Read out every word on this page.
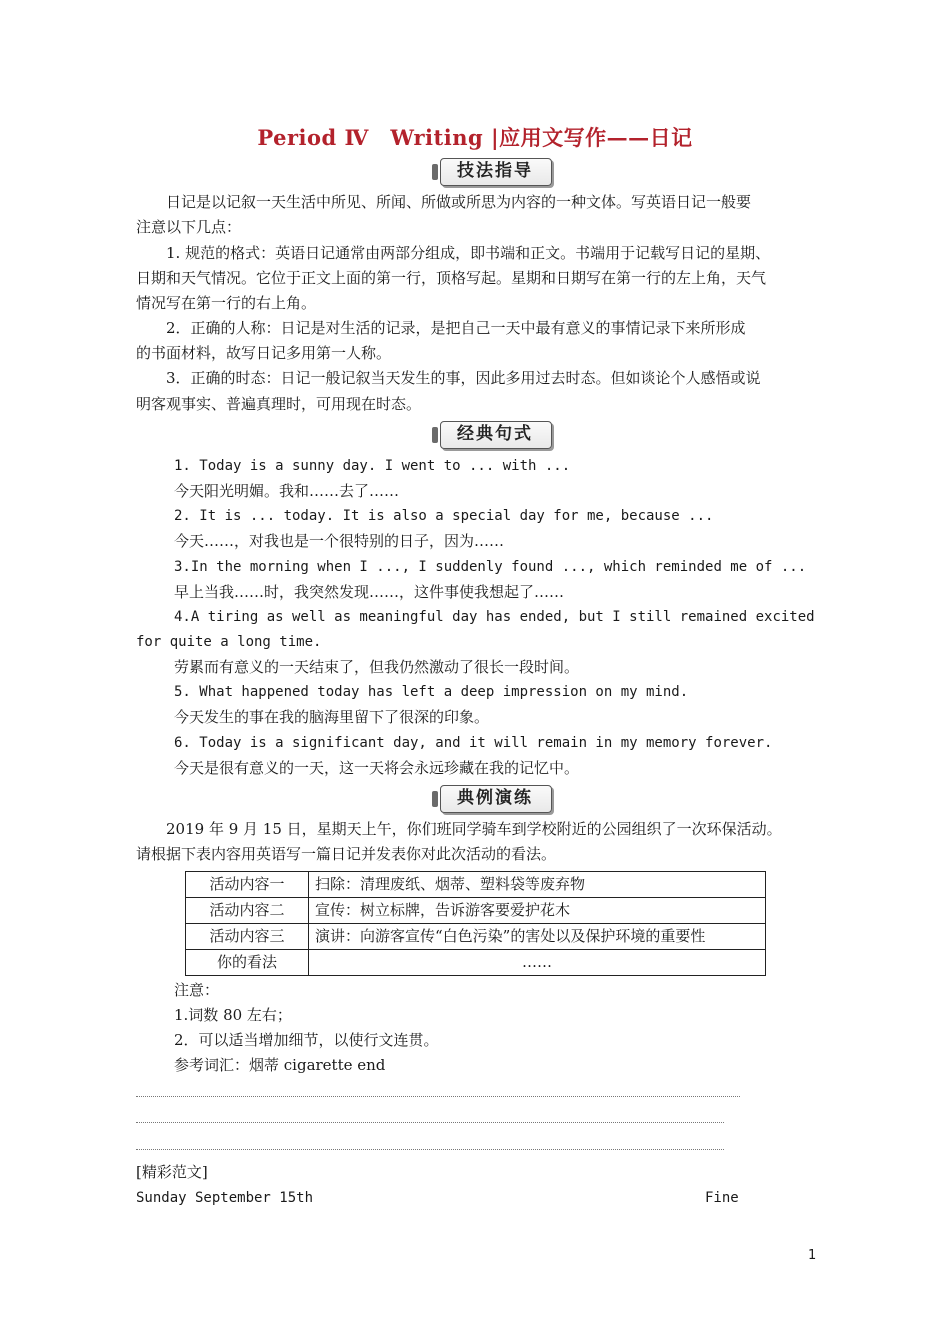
Period Ⅳ　Writing |应用文写作——日记
技法指导
　　日记是以记叙一天生活中所见、所闻、所做或所思为内容的一种文体。写英语日记一般要
注意以下几点：
　　1. 规范的格式：英语日记通常由两部分组成，即书端和正文。书端用于记载写日记的星期、
日期和天气情况。它位于正文上面的第一行，顶格写起。星期和日期写在第一行的左上角，天气
情况写在第一行的右上角。
　　2．正确的人称：日记是对生活的记录，是把自己一天中最有意义的事情记录下来所形成
的书面材料，故写日记多用第一人称。
　　3．正确的时态：日记一般记叙当天发生的事，因此多用过去时态。但如谈论个人感悟或说
明客观事实、普遍真理时，可用现在时态。
经典句式
1. Today is a sunny day. I went to ... with ...
今天阳光明媚。我和……去了……
2. It is ... today. It is also a special day for me, because ...
今天……，对我也是一个很特别的日子，因为……
3.In the morning when I ..., I suddenly found ..., which reminded me of ...
早上当我……时，我突然发现……，这件事使我想起了……
4.A tiring as well as meaningful day has ended, but I still remained excited
for quite a long time.
劳累而有意义的一天结束了，但我仍然激动了很长一段时间。
5. What happened today has left a deep impression on my mind.
今天发生的事在我的脑海里留下了很深的印象。
6. Today is a significant day, and it will remain in my memory forever.
今天是很有意义的一天，这一天将会永远珍藏在我的记忆中。
典例演练
　　2019 年 9 月 15 日，星期天上午，你们班同学骑车到学校附近的公园组织了一次环保活动。
请根据下表内容用英语写一篇日记并发表你对此次活动的看法。
活动内容一	扫除：清理废纸、烟蒂、塑料袋等废弃物
活动内容二	宣传：树立标牌，告诉游客要爱护花木
活动内容三	演讲：向游客宣传“白色污染”的害处以及保护环境的重要性
你的看法	……
注意：
1.词数 80 左右；
2．可以适当增加细节，以使行文连贯。
参考词汇：烟蒂 cigarette end
[精彩范文]
Sunday September 15th	Fine
1
